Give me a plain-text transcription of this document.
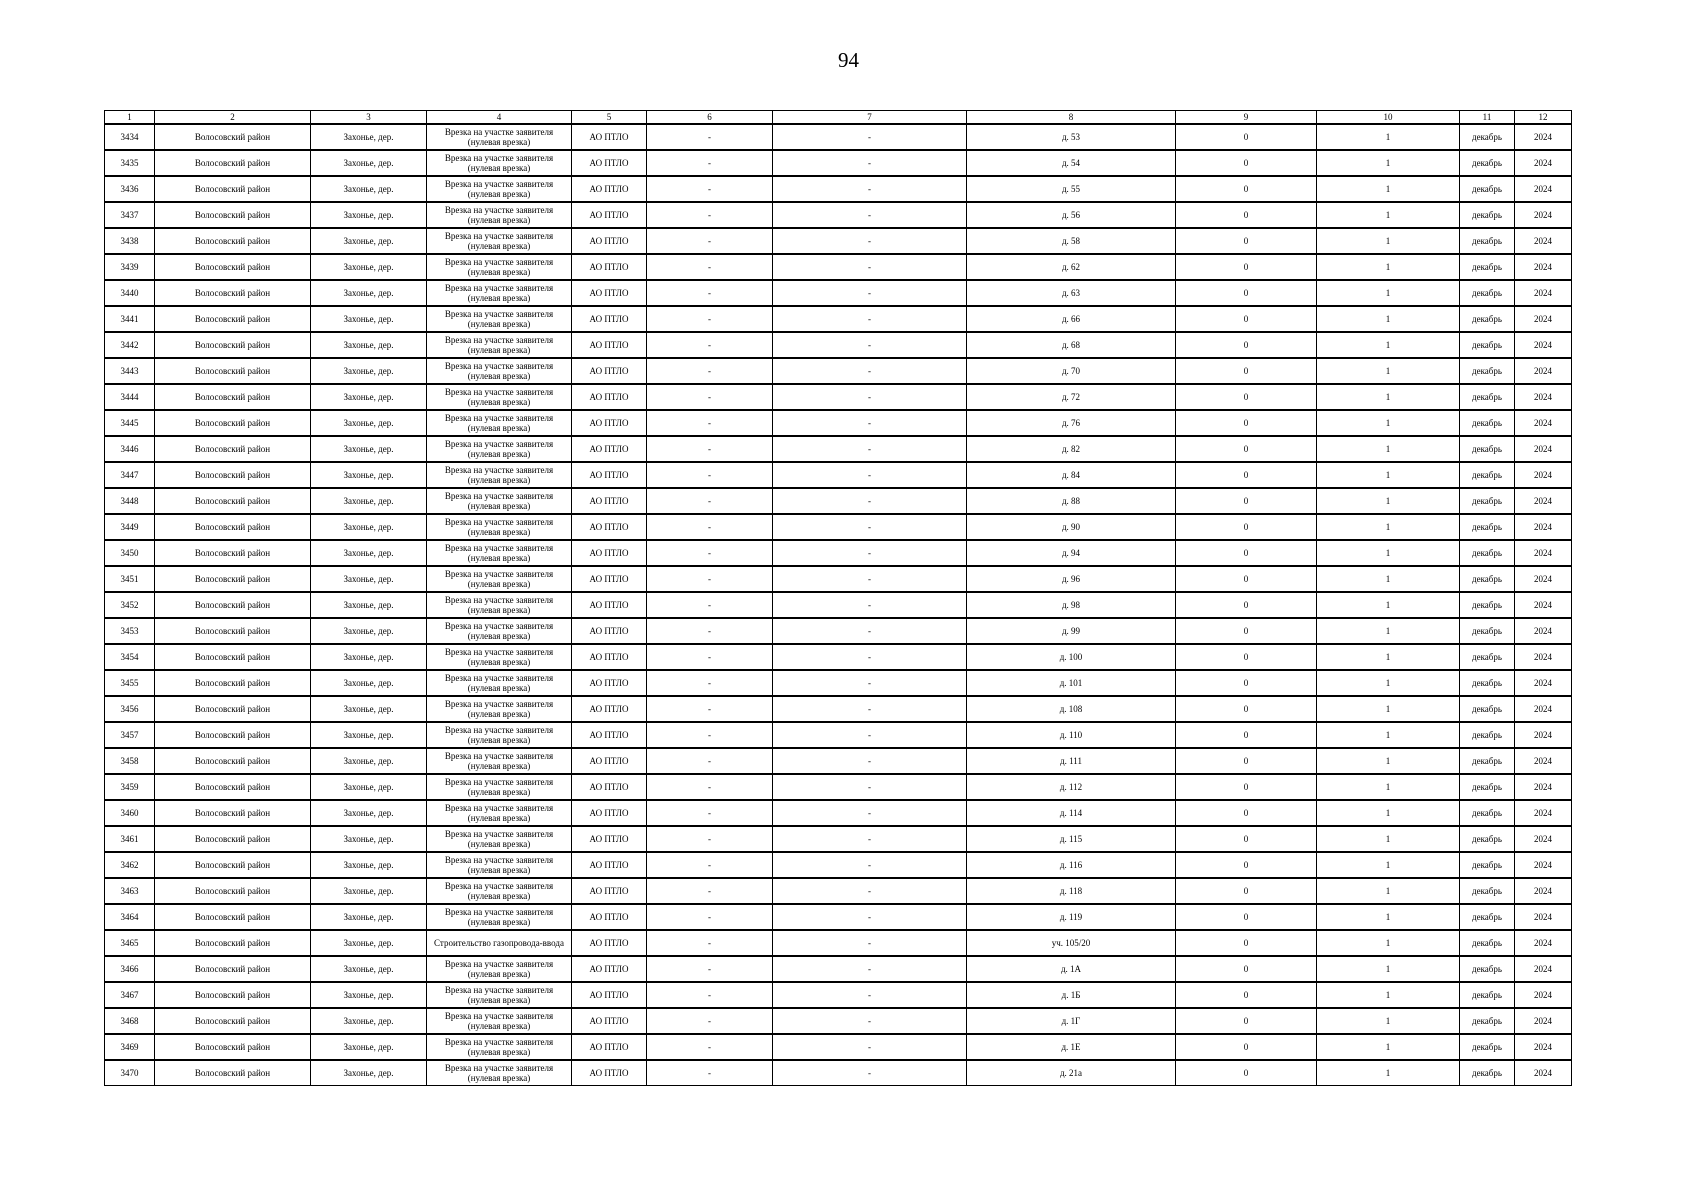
94
1	2	3	4	5	6	7	8	9	10	11	12
3434	Волосовский район	Захонье, дер.	Врезка на участке заявителя (нулевая врезка)	АО ПТЛО	-	-	д. 53	0	1	декабрь	2024
3435	Волосовский район	Захонье, дер.	Врезка на участке заявителя (нулевая врезка)	АО ПТЛО	-	-	д. 54	0	1	декабрь	2024
3436	Волосовский район	Захонье, дер.	Врезка на участке заявителя (нулевая врезка)	АО ПТЛО	-	-	д. 55	0	1	декабрь	2024
3437	Волосовский район	Захонье, дер.	Врезка на участке заявителя (нулевая врезка)	АО ПТЛО	-	-	д. 56	0	1	декабрь	2024
3438	Волосовский район	Захонье, дер.	Врезка на участке заявителя (нулевая врезка)	АО ПТЛО	-	-	д. 58	0	1	декабрь	2024
3439	Волосовский район	Захонье, дер.	Врезка на участке заявителя (нулевая врезка)	АО ПТЛО	-	-	д. 62	0	1	декабрь	2024
3440	Волосовский район	Захонье, дер.	Врезка на участке заявителя (нулевая врезка)	АО ПТЛО	-	-	д. 63	0	1	декабрь	2024
3441	Волосовский район	Захонье, дер.	Врезка на участке заявителя (нулевая врезка)	АО ПТЛО	-	-	д. 66	0	1	декабрь	2024
3442	Волосовский район	Захонье, дер.	Врезка на участке заявителя (нулевая врезка)	АО ПТЛО	-	-	д. 68	0	1	декабрь	2024
3443	Волосовский район	Захонье, дер.	Врезка на участке заявителя (нулевая врезка)	АО ПТЛО	-	-	д. 70	0	1	декабрь	2024
3444	Волосовский район	Захонье, дер.	Врезка на участке заявителя (нулевая врезка)	АО ПТЛО	-	-	д. 72	0	1	декабрь	2024
3445	Волосовский район	Захонье, дер.	Врезка на участке заявителя (нулевая врезка)	АО ПТЛО	-	-	д. 76	0	1	декабрь	2024
3446	Волосовский район	Захонье, дер.	Врезка на участке заявителя (нулевая врезка)	АО ПТЛО	-	-	д. 82	0	1	декабрь	2024
3447	Волосовский район	Захонье, дер.	Врезка на участке заявителя (нулевая врезка)	АО ПТЛО	-	-	д. 84	0	1	декабрь	2024
3448	Волосовский район	Захонье, дер.	Врезка на участке заявителя (нулевая врезка)	АО ПТЛО	-	-	д. 88	0	1	декабрь	2024
3449	Волосовский район	Захонье, дер.	Врезка на участке заявителя (нулевая врезка)	АО ПТЛО	-	-	д. 90	0	1	декабрь	2024
3450	Волосовский район	Захонье, дер.	Врезка на участке заявителя (нулевая врезка)	АО ПТЛО	-	-	д. 94	0	1	декабрь	2024
3451	Волосовский район	Захонье, дер.	Врезка на участке заявителя (нулевая врезка)	АО ПТЛО	-	-	д. 96	0	1	декабрь	2024
3452	Волосовский район	Захонье, дер.	Врезка на участке заявителя (нулевая врезка)	АО ПТЛО	-	-	д. 98	0	1	декабрь	2024
3453	Волосовский район	Захонье, дер.	Врезка на участке заявителя (нулевая врезка)	АО ПТЛО	-	-	д. 99	0	1	декабрь	2024
3454	Волосовский район	Захонье, дер.	Врезка на участке заявителя (нулевая врезка)	АО ПТЛО	-	-	д. 100	0	1	декабрь	2024
3455	Волосовский район	Захонье, дер.	Врезка на участке заявителя (нулевая врезка)	АО ПТЛО	-	-	д. 101	0	1	декабрь	2024
3456	Волосовский район	Захонье, дер.	Врезка на участке заявителя (нулевая врезка)	АО ПТЛО	-	-	д. 108	0	1	декабрь	2024
3457	Волосовский район	Захонье, дер.	Врезка на участке заявителя (нулевая врезка)	АО ПТЛО	-	-	д. 110	0	1	декабрь	2024
3458	Волосовский район	Захонье, дер.	Врезка на участке заявителя (нулевая врезка)	АО ПТЛО	-	-	д. 111	0	1	декабрь	2024
3459	Волосовский район	Захонье, дер.	Врезка на участке заявителя (нулевая врезка)	АО ПТЛО	-	-	д. 112	0	1	декабрь	2024
3460	Волосовский район	Захонье, дер.	Врезка на участке заявителя (нулевая врезка)	АО ПТЛО	-	-	д. 114	0	1	декабрь	2024
3461	Волосовский район	Захонье, дер.	Врезка на участке заявителя (нулевая врезка)	АО ПТЛО	-	-	д. 115	0	1	декабрь	2024
3462	Волосовский район	Захонье, дер.	Врезка на участке заявителя (нулевая врезка)	АО ПТЛО	-	-	д. 116	0	1	декабрь	2024
3463	Волосовский район	Захонье, дер.	Врезка на участке заявителя (нулевая врезка)	АО ПТЛО	-	-	д. 118	0	1	декабрь	2024
3464	Волосовский район	Захонье, дер.	Врезка на участке заявителя (нулевая врезка)	АО ПТЛО	-	-	д. 119	0	1	декабрь	2024
3465	Волосовский район	Захонье, дер.	Строительство газопровода-ввода	АО ПТЛО	-	-	уч. 105/20	0	1	декабрь	2024
3466	Волосовский район	Захонье, дер.	Врезка на участке заявителя (нулевая врезка)	АО ПТЛО	-	-	д. 1А	0	1	декабрь	2024
3467	Волосовский район	Захонье, дер.	Врезка на участке заявителя (нулевая врезка)	АО ПТЛО	-	-	д. 1Б	0	1	декабрь	2024
3468	Волосовский район	Захонье, дер.	Врезка на участке заявителя (нулевая врезка)	АО ПТЛО	-	-	д. 1Г	0	1	декабрь	2024
3469	Волосовский район	Захонье, дер.	Врезка на участке заявителя (нулевая врезка)	АО ПТЛО	-	-	д. 1Е	0	1	декабрь	2024
3470	Волосовский район	Захонье, дер.	Врезка на участке заявителя (нулевая врезка)	АО ПТЛО	-	-	д. 21а	0	1	декабрь	2024
